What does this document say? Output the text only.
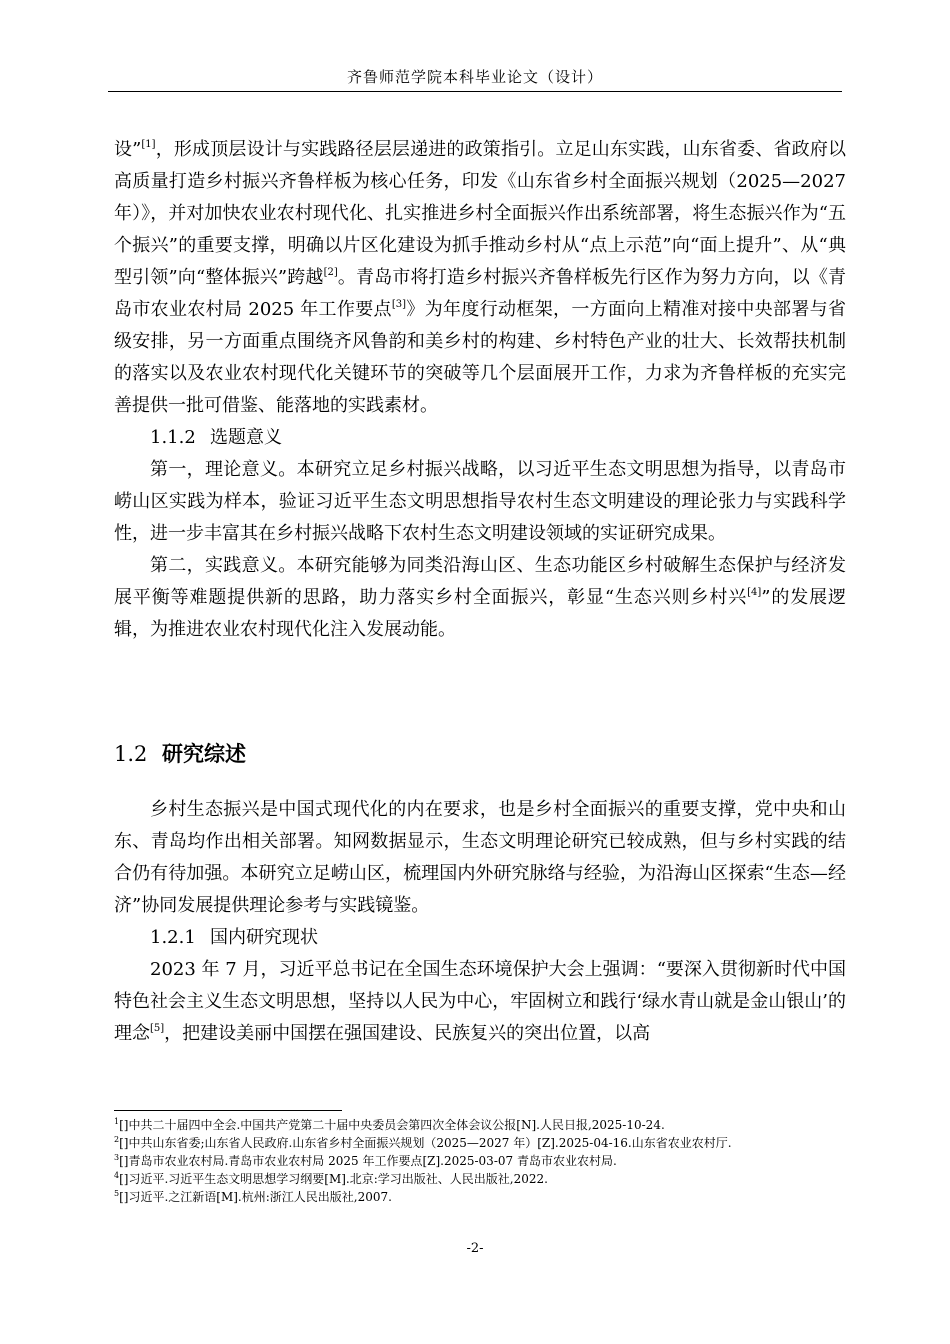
齐鲁师范学院本科毕业论文（设计）

设”[1]，形成顶层设计与实践路径层层递进的政策指引。立足山东实践，山东省委、省政府以高质量打造乡村振兴齐鲁样板为核心任务，印发《山东省乡村全面振兴规划（2025—2027 年）》，并对加快农业农村现代化、扎实推进乡村全面振兴作出系统部署，将生态振兴作为“五个振兴”的重要支撑，明确以片区化建设为抓手推动乡村从“点上示范”向“面上提升”、从“典型引领”向“整体振兴”跨越[2]。青岛市将打造乡村振兴齐鲁样板先行区作为努力方向，以《青岛市农业农村局 2025 年工作要点[3]》为年度行动框架，一方面向上精准对接中央部署与省级安排，另一方面重点围绕齐风鲁韵和美乡村的构建、乡村特色产业的壮大、长效帮扶机制的落实以及农业农村现代化关键环节的突破等几个层面展开工作，力求为齐鲁样板的充实完善提供一批可借鉴、能落地的实践素材。

1.1.2 选题意义

第一，理论意义。本研究立足乡村振兴战略，以习近平生态文明思想为指导，以青岛市崂山区实践为样本，验证习近平生态文明思想指导农村生态文明建设的理论张力与实践科学性，进一步丰富其在乡村振兴战略下农村生态文明建设领域的实证研究成果。

第二，实践意义。本研究能够为同类沿海山区、生态功能区乡村破解生态保护与经济发展平衡等难题提供新的思路，助力落实乡村全面振兴，彰显“生态兴则乡村兴[4]”的发展逻辑，为推进农业农村现代化注入发展动能。

1.2 研究综述

乡村生态振兴是中国式现代化的内在要求，也是乡村全面振兴的重要支撑，党中央和山东、青岛均作出相关部署。知网数据显示，生态文明理论研究已较成熟，但与乡村实践的结合仍有待加强。本研究立足崂山区，梳理国内外研究脉络与经验，为沿海山区探索“生态—经济”协同发展提供理论参考与实践镜鉴。

1.2.1 国内研究现状

2023 年 7 月，习近平总书记在全国生态环境保护大会上强调：“要深入贯彻新时代中国特色社会主义生态文明思想，坚持以人民为中心，牢固树立和践行‘绿水青山就是金山银山’的理念[5]，把建设美丽中国摆在强国建设、民族复兴的突出位置，以高

$^1$[]中共二十届四中全会.中国共产党第二十届中央委员会第四次全体会议公报[N].人民日报,2025-10-24.

$^2$[]中共山东省委;山东省人民政府.山东省乡村全面振兴规划（2025—2027 年）[Z].2025-04-16.山东省农业农村厅.

$^3$[]青岛市农业农村局.青岛市农业农村局 2025 年工作要点[Z].2025-03-07 青岛市农业农村局.

$^4$[]习近平.习近平生态文明思想学习纲要[M].北京:学习出版社、人民出版社,2022.

$^5$[]习近平.之江新语[M].杭州:浙江人民出版社,2007.

-2-
